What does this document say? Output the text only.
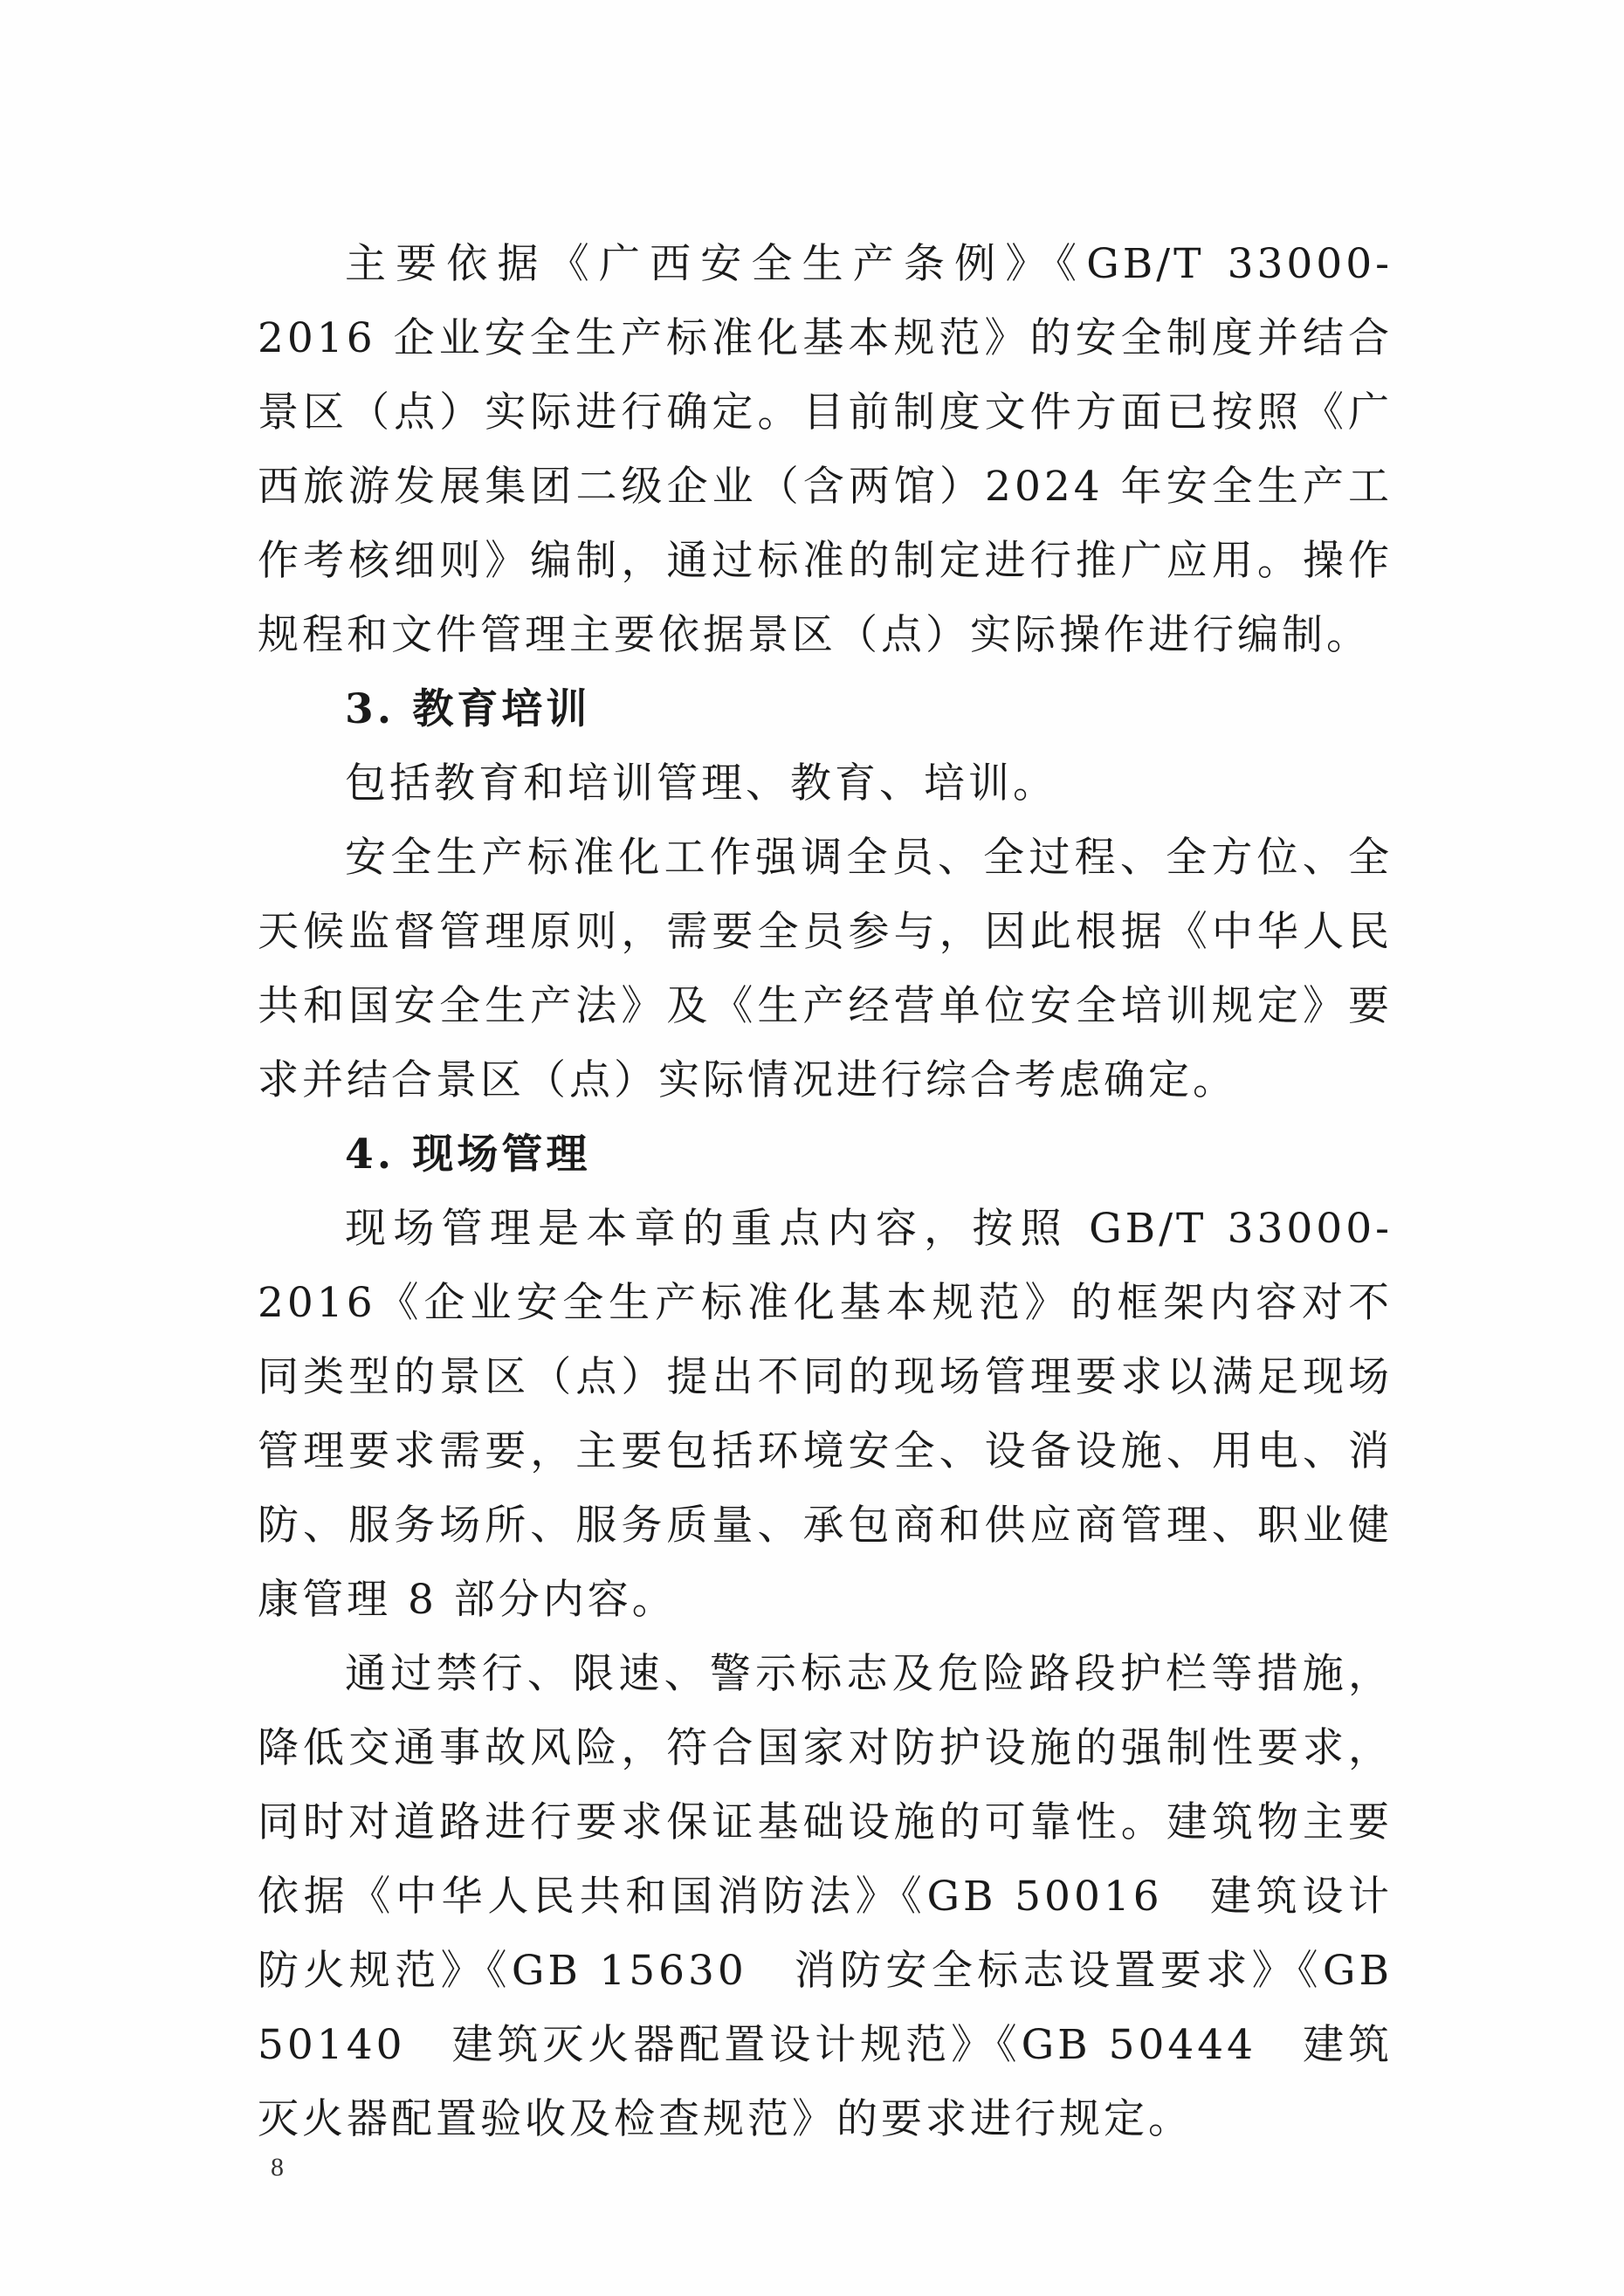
主要依据《广西安全生产条例》《GB/T 33000-2016 企业安全生产标准化基本规范》的安全制度并结合景区（点）实际进行确定。目前制度文件方面已按照《广西旅游发展集团二级企业（含两馆）2024 年安全生产工作考核细则》编制，通过标准的制定进行推广应用。操作规程和文件管理主要依据景区（点）实际操作进行编制。

3. 教育培训

包括教育和培训管理、教育、培训。

安全生产标准化工作强调全员、全过程、全方位、全天候监督管理原则，需要全员参与，因此根据《中华人民共和国安全生产法》及《生产经营单位安全培训规定》要求并结合景区（点）实际情况进行综合考虑确定。

4. 现场管理

现场管理是本章的重点内容，按照 GB/T 33000-2016《企业安全生产标准化基本规范》的框架内容对不同类型的景区（点）提出不同的现场管理要求以满足现场管理要求需要，主要包括环境安全、设备设施、用电、消防、服务场所、服务质量、承包商和供应商管理、职业健康管理 8 部分内容。

通过禁行、限速、警示标志及危险路段护栏等措施，降低交通事故风险，符合国家对防护设施的强制性要求，同时对道路进行要求保证基础设施的可靠性。建筑物主要依据《中华人民共和国消防法》《GB 50016　建筑设计防火规范》《GB 15630　消防安全标志设置要求》《GB 50140　建筑灭火器配置设计规范》《GB 50444　建筑灭火器配置验收及检查规范》的要求进行规定。

8
